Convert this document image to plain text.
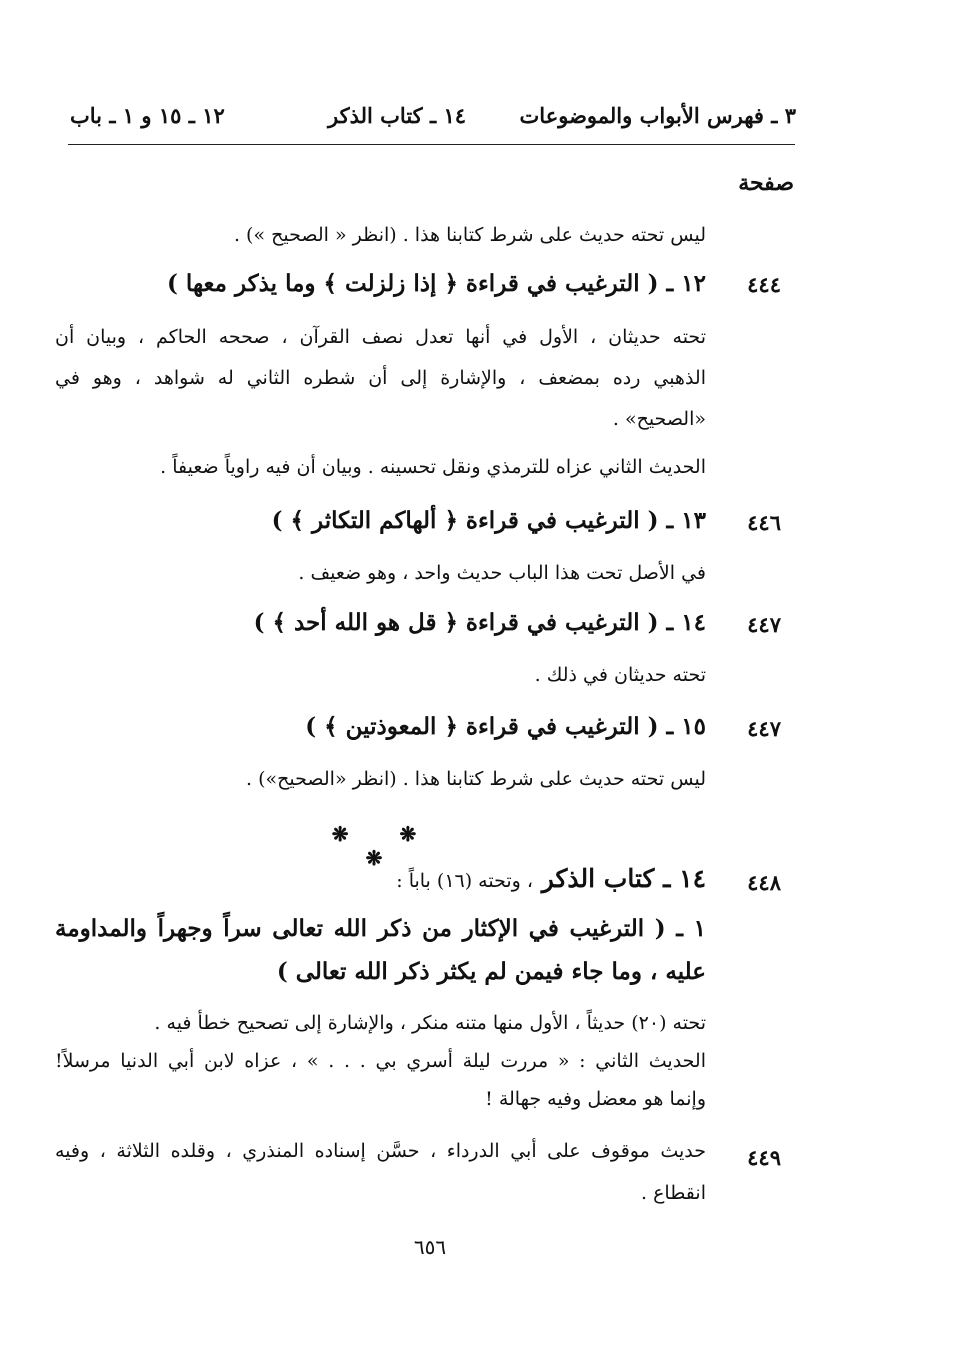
٣ ـ فهرس الأبواب والموضوعات
١٤ ـ كتاب الذكر
١٢ ـ ١٥ و ١ ـ باب
صفحة
ليس تحته حديث على شرط كتابنا هذا . (انظر « الصحيح ») .
٤٤٤
١٢ ـ ( الترغيب في قراءة ﴿ إذا زلزلت ﴾ وما يذكر معها )
تحته حديثان ، الأول في أنها تعدل نصف القرآن ، صححه الحاكم ، وبيان أن
الذهبي رده بمضعف ، والإشارة إلى أن شطره الثاني له شواهد ، وهو في
«الصحيح» .
الحديث الثاني عزاه للترمذي ونقل تحسينه . وبيان أن فيه راوياً ضعيفاً .
٤٤٦
١٣ ـ ( الترغيب في قراءة ﴿ ألهاكم التكاثر ﴾ )
في الأصل تحت هذا الباب حديث واحد ، وهو ضعيف .
٤٤٧
١٤ ـ ( الترغيب في قراءة ﴿ قل هو الله أحد ﴾ )
تحته حديثان في ذلك .
٤٤٧
١٥ ـ ( الترغيب في قراءة ﴿ المعوذتين ﴾ )
ليس تحته حديث على شرط كتابنا هذا . (انظر «الصحيح») .
❋ ❋ ❋
٤٤٨
١٤ ـ كتاب الذكر ، وتحته (١٦) باباً :
١ ـ ( الترغيب في الإكثار من ذكر الله تعالى سراً وجهراً والمداومة
عليه ، وما جاء فيمن لم يكثر ذكر الله تعالى )
تحته (٢٠) حديثاً ، الأول منها متنه منكر ، والإشارة إلى تصحيح خطأ فيه .
الحديث الثاني : « مررت ليلة أسري بي . . . » ، عزاه لابن أبي الدنيا مرسلاً!
وإنما هو معضل وفيه جهالة !
٤٤٩
حديث موقوف على أبي الدرداء ، حسَّن إسناده المنذري ، وقلده الثلاثة ، وفيه
انقطاع .
٦٥٦
